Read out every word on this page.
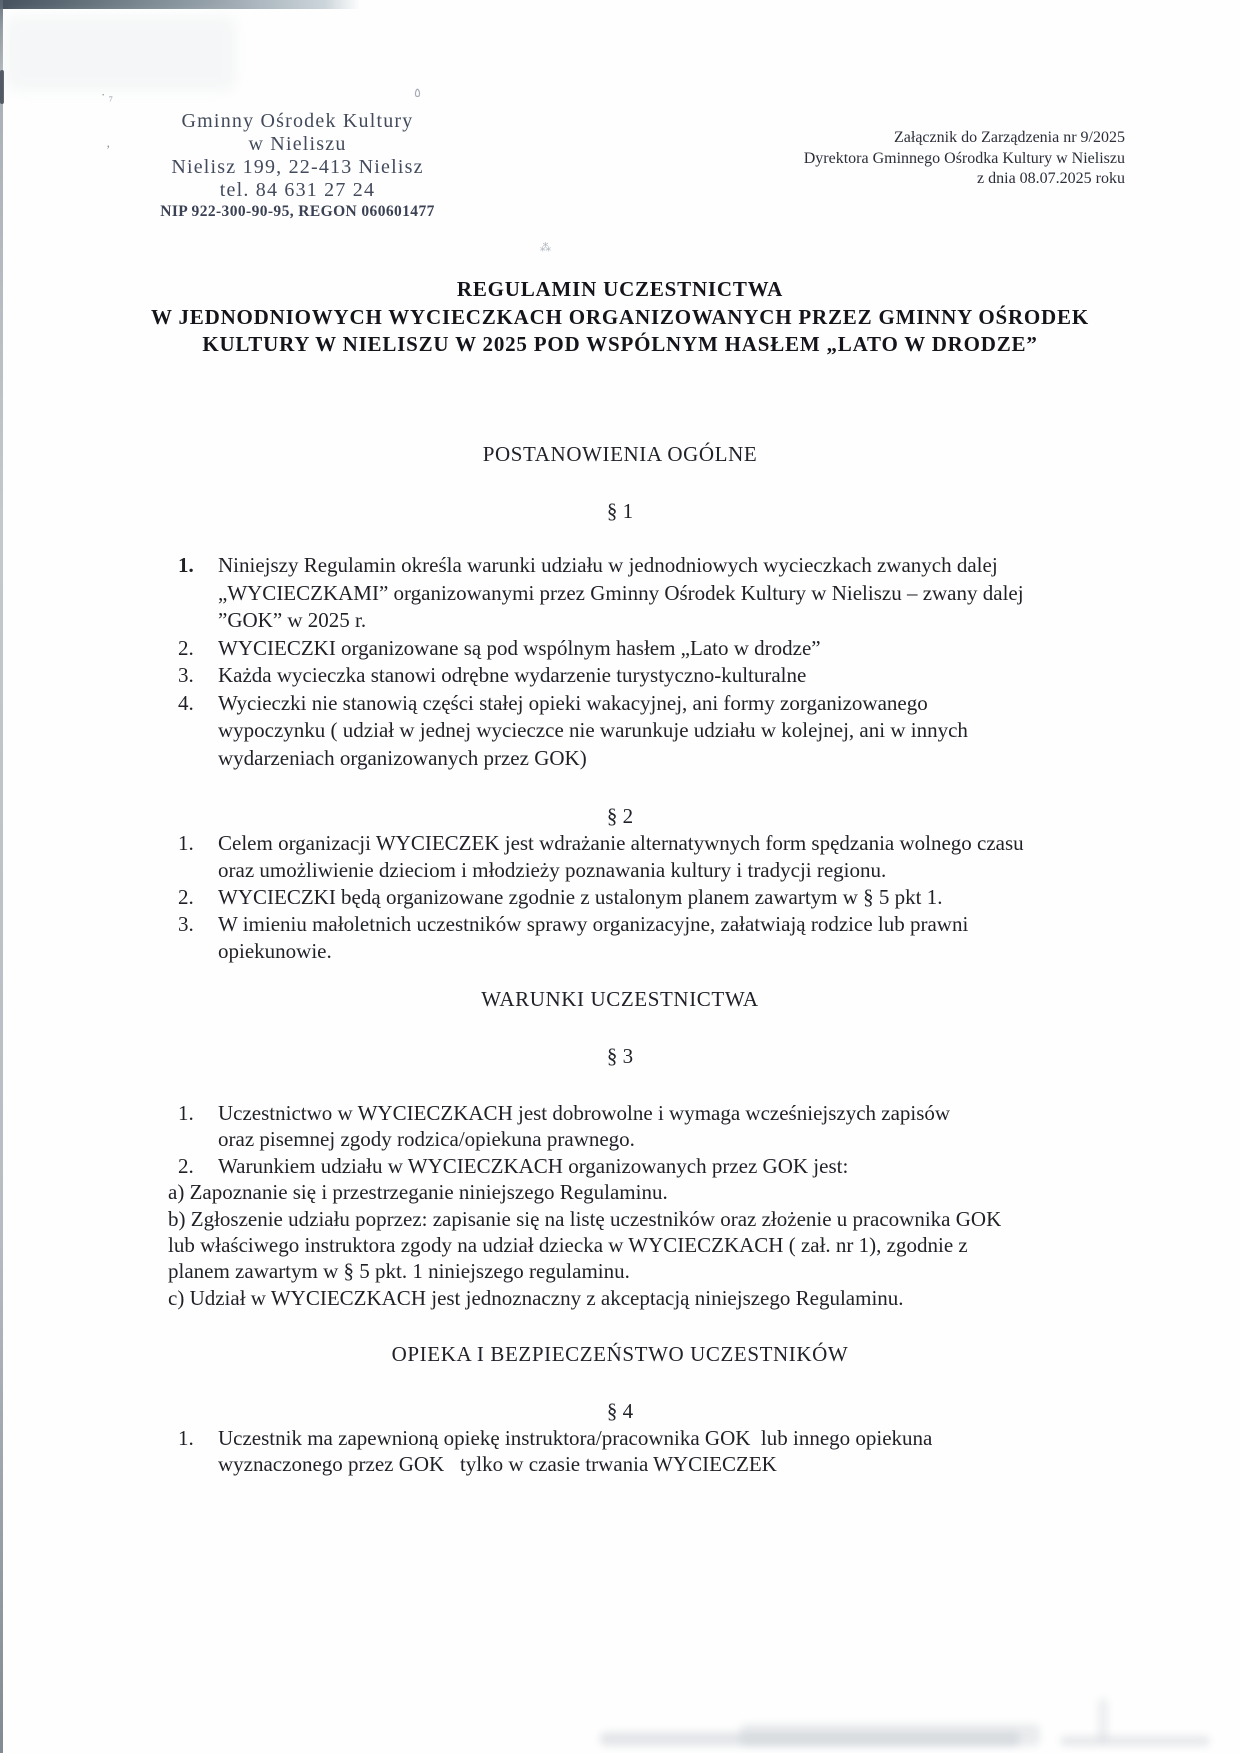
· ₇	٥
‚
⁂
Gminny Ośrodek Kultury
w Nieliszu
Nielisz 199, 22-413 Nielisz
tel. 84 631 27 24
NIP 922-300-90-95, REGON 060601477
Załącznik do Zarządzenia nr 9/2025
Dyrektora Gminnego Ośrodka Kultury w Nieliszu
z dnia 08.07.2025 roku
REGULAMIN UCZESTNICTWA
W JEDNODNIOWYCH WYCIECZKACH ORGANIZOWANYCH PRZEZ GMINNY OŚRODEK
KULTURY W NIELISZU W 2025 POD WSPÓLNYM HASŁEM „LATO W DRODZE”
POSTANOWIENIA OGÓLNE
§ 1
1. Niniejszy Regulamin określa warunki udziału w jednodniowych wycieczkach zwanych dalej
„WYCIECZKAMI” organizowanymi przez Gminny Ośrodek Kultury w Nieliszu – zwany dalej
”GOK” w 2025 r.
2. WYCIECZKI organizowane są pod wspólnym hasłem „Lato w drodze”
3. Każda wycieczka stanowi odrębne wydarzenie turystyczno-kulturalne
4. Wycieczki nie stanowią części stałej opieki wakacyjnej, ani formy zorganizowanego
wypoczynku ( udział w jednej wycieczce nie warunkuje udziału w kolejnej, ani w innych
wydarzeniach organizowanych przez GOK)
§ 2
1. Celem organizacji WYCIECZEK jest wdrażanie alternatywnych form spędzania wolnego czasu
oraz umożliwienie dzieciom i młodzieży poznawania kultury i tradycji regionu.
2. WYCIECZKI będą organizowane zgodnie z ustalonym planem zawartym w § 5 pkt 1.
3. W imieniu małoletnich uczestników sprawy organizacyjne, załatwiają rodzice lub prawni
opiekunowie.
WARUNKI UCZESTNICTWA
§ 3
1. Uczestnictwo w WYCIECZKACH jest dobrowolne i wymaga wcześniejszych zapisów
oraz pisemnej zgody rodzica/opiekuna prawnego.
2. Warunkiem udziału w WYCIECZKACH organizowanych przez GOK jest:
a) Zapoznanie się i przestrzeganie niniejszego Regulaminu.
b) Zgłoszenie udziału poprzez: zapisanie się na listę uczestników oraz złożenie u pracownika GOK
lub właściwego instruktora zgody na udział dziecka w WYCIECZKACH ( zał. nr 1), zgodnie z
planem zawartym w § 5 pkt. 1 niniejszego regulaminu.
c) Udział w WYCIECZKACH jest jednoznaczny z akceptacją niniejszego Regulaminu.
OPIEKA I BEZPIECZEŃSTWO UCZESTNIKÓW
§ 4
1. Uczestnik ma zapewnioną opiekę instruktora/pracownika GOK  lub innego opiekuna
wyznaczonego przez GOK   tylko w czasie trwania WYCIECZEK
